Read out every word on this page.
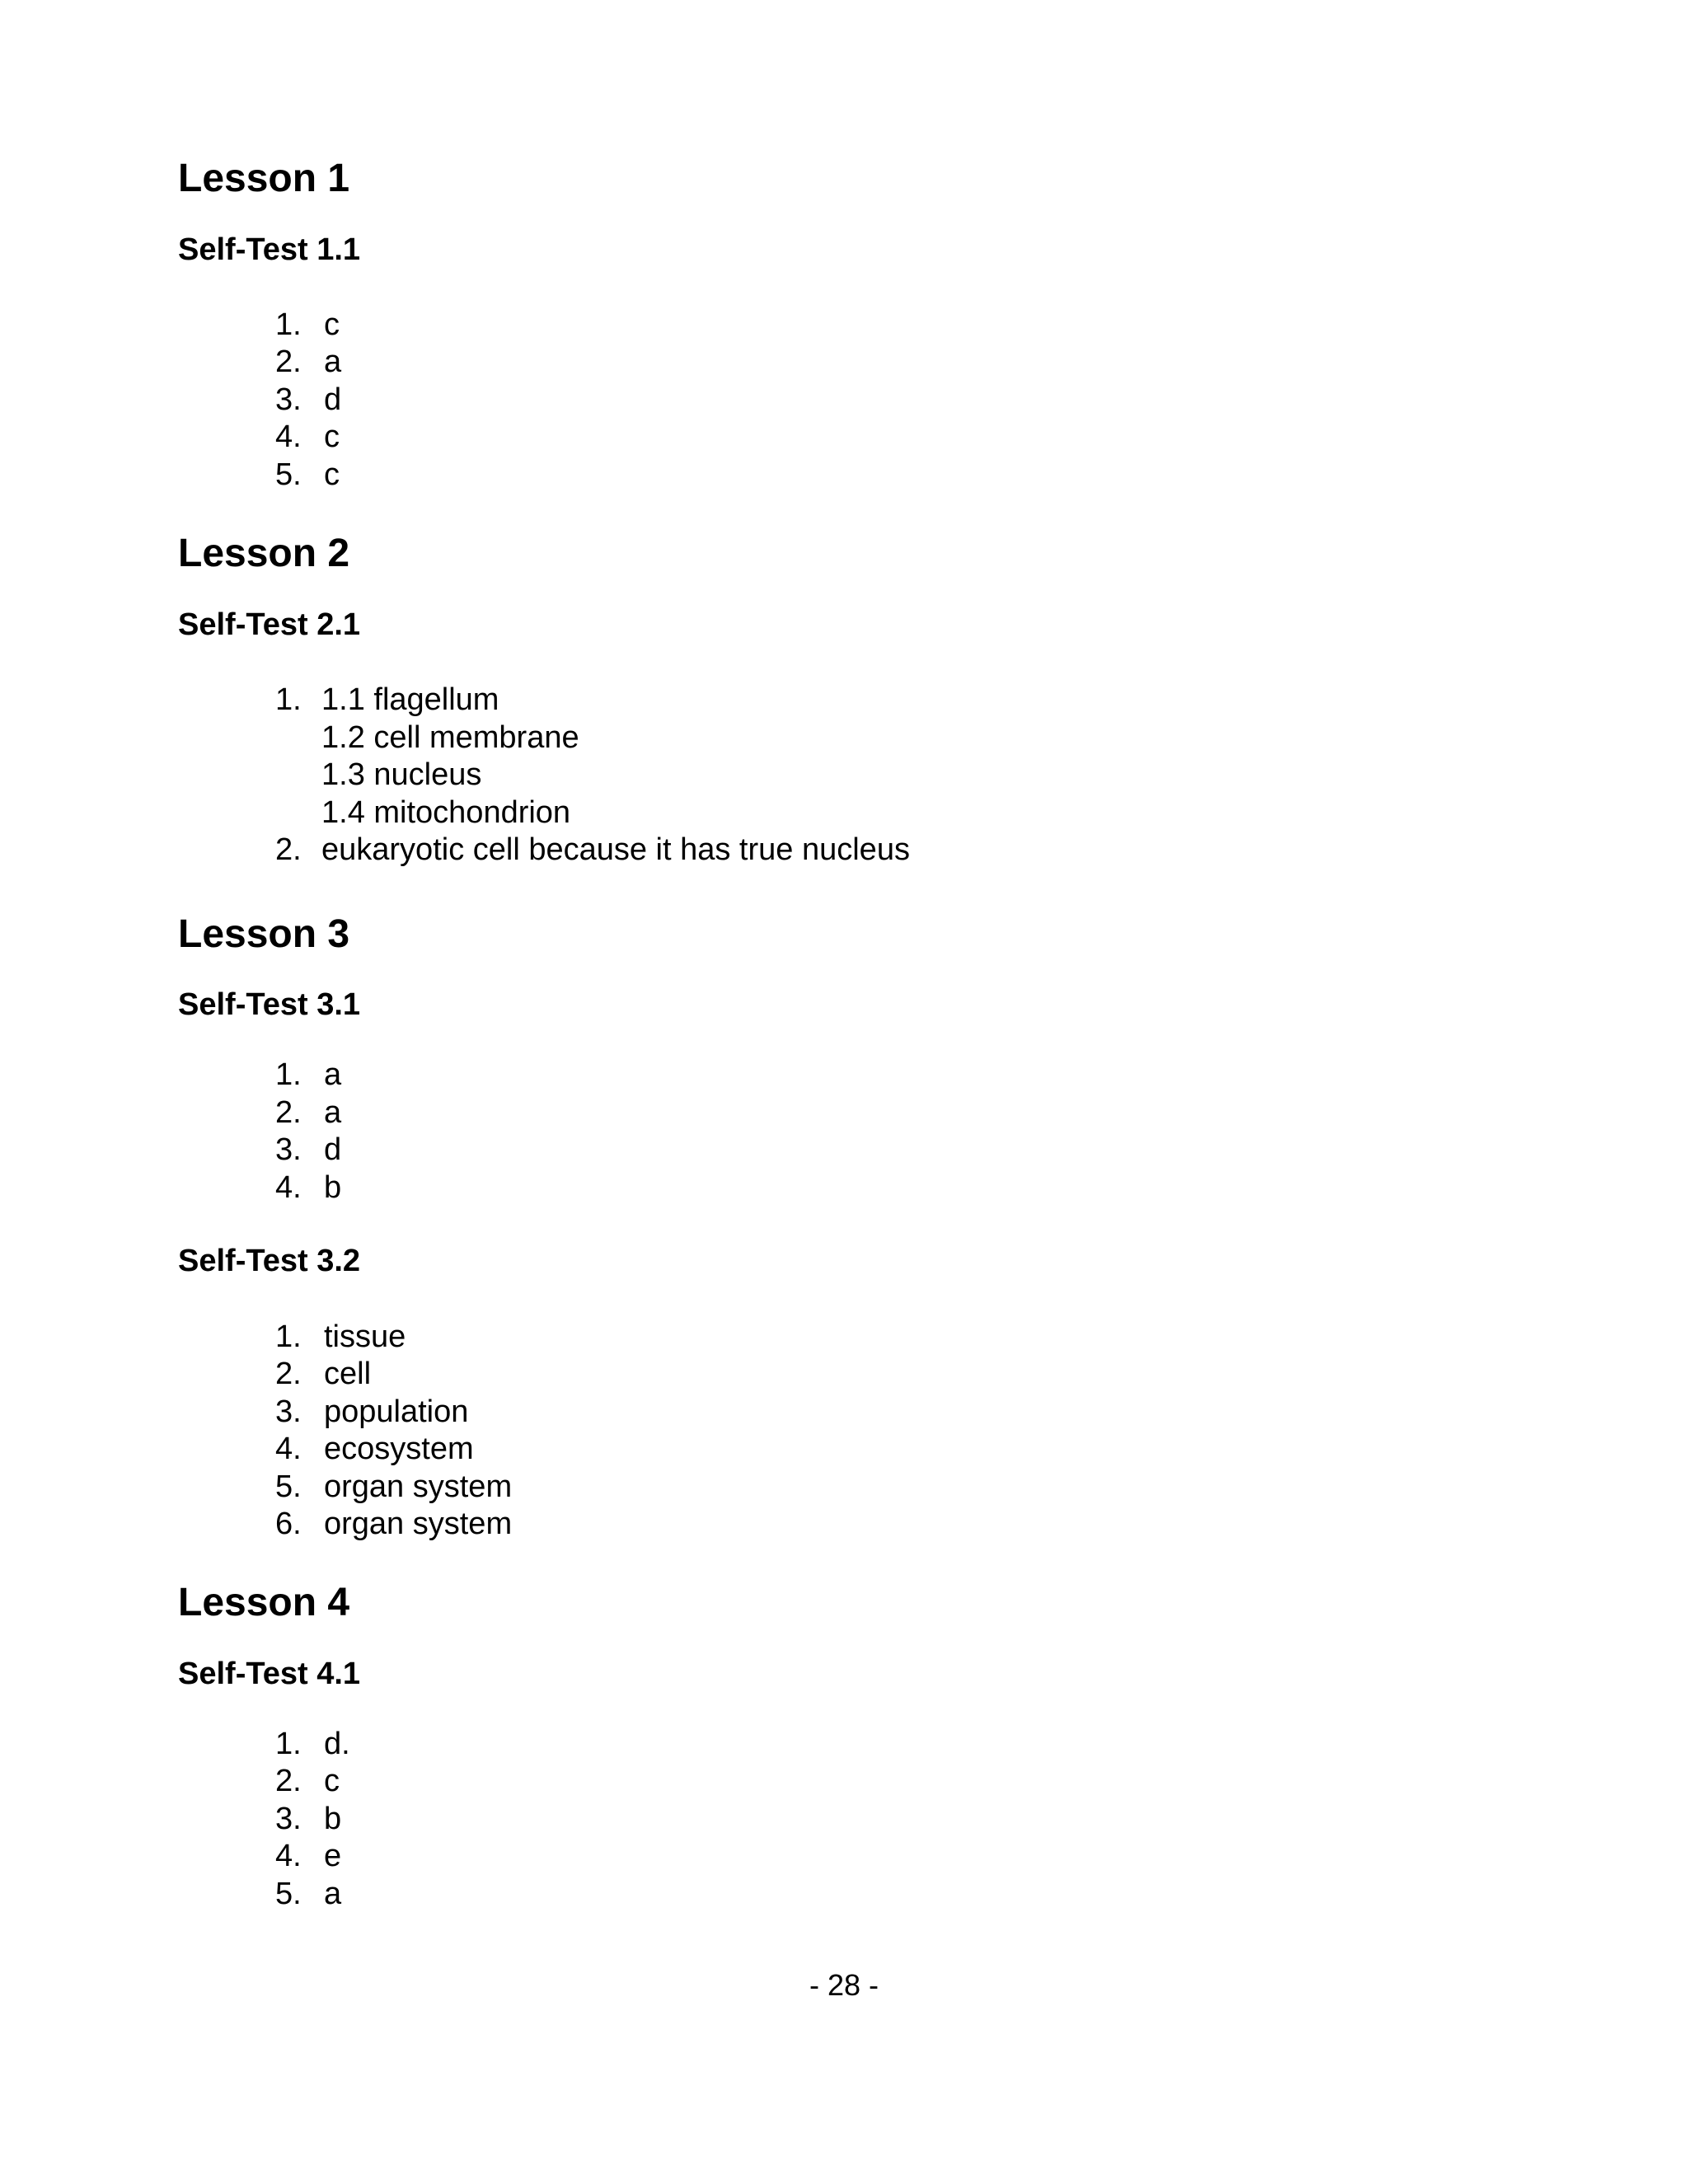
Lesson 1
Self-Test 1.1
1. c
2. a
3. d
4. c
5. c
Lesson 2
Self-Test 2.1
1. 1.1 flagellum
1.2 cell membrane
1.3 nucleus
1.4 mitochondrion
2. eukaryotic cell because it has true nucleus
Lesson 3
Self-Test 3.1
1. a
2. a
3. d
4. b
Self-Test 3.2
1. tissue
2. cell
3. population
4. ecosystem
5. organ system
6. organ system
Lesson 4
Self-Test 4.1
1. d.
2. c
3. b
4. e
5. a
- 28 -
